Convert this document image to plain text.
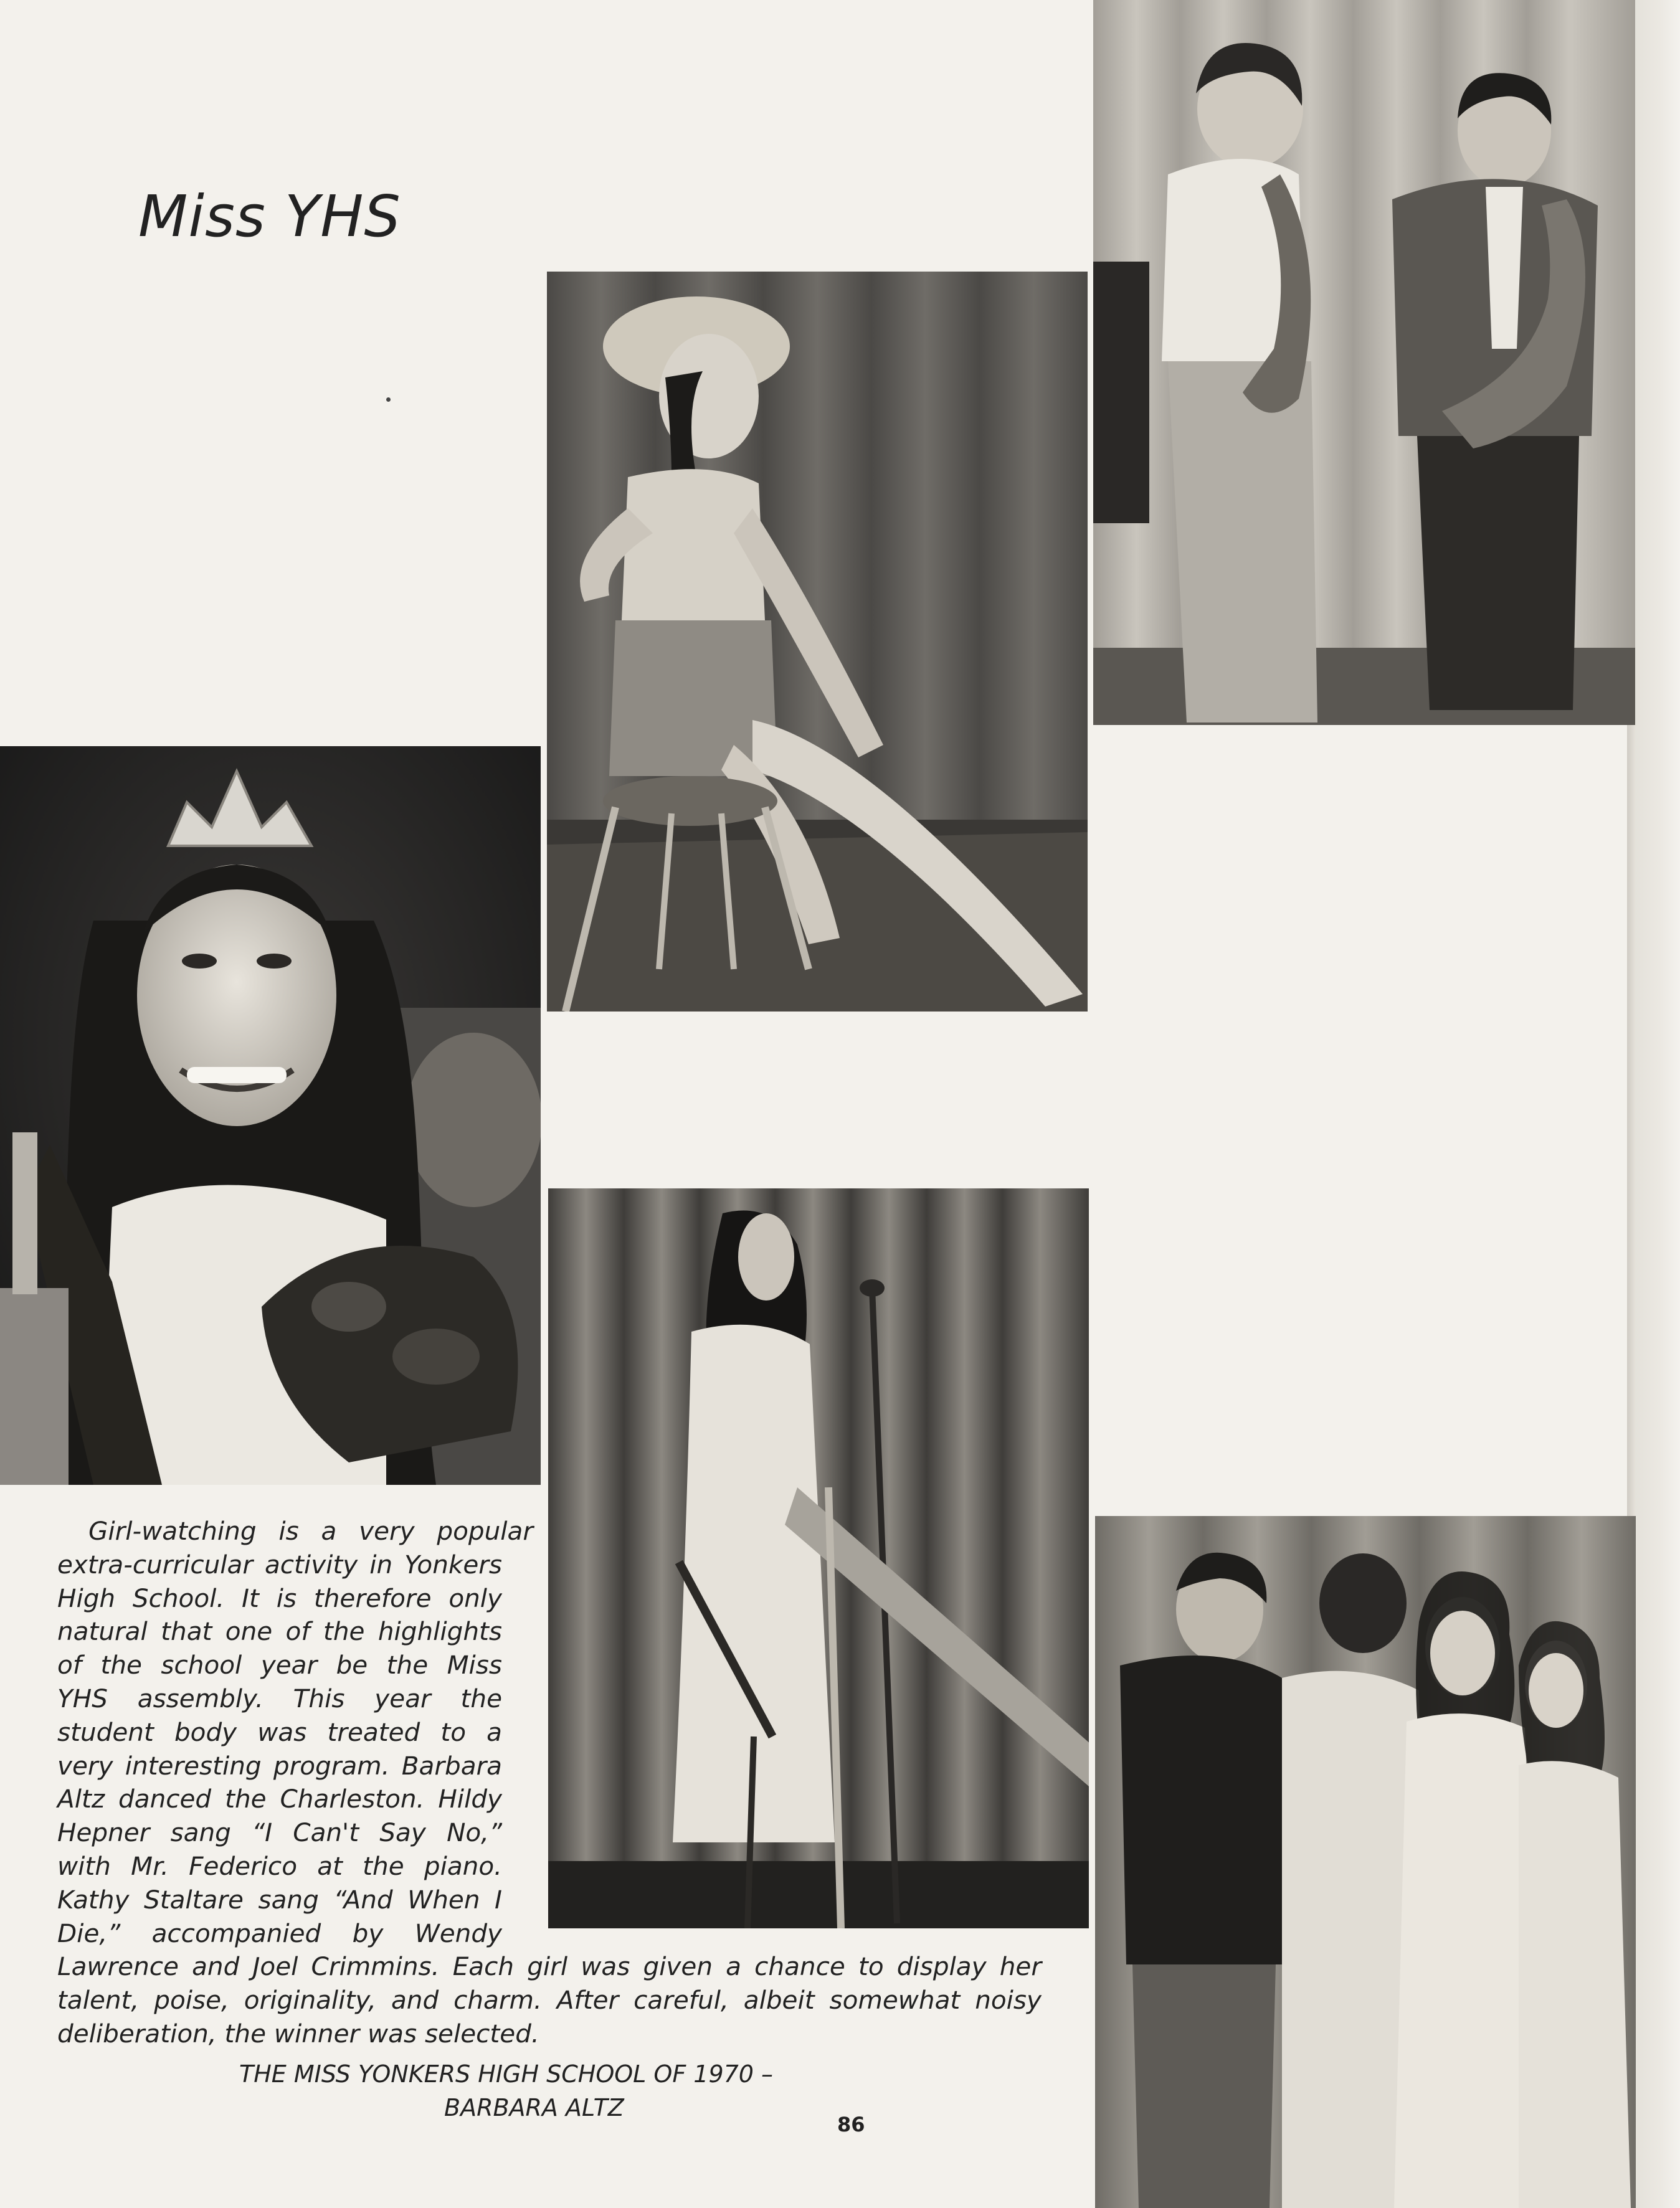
Miss YHS
Girl-watching is a very popular
extra-curricular activity in Yonkers
High School. It is therefore only
natural that one of the highlights
of the school year be the Miss
YHS assembly. This year the
student body was treated to a
very interesting program. Barbara
Altz danced the Charleston. Hildy
Hepner sang “I Can't Say No,”
with Mr. Federico at the piano.
Kathy Staltare sang “And When I
Die,” accompanied by Wendy
Lawrence and Joel Crimmins. Each girl was given a chance to display her
talent, poise, originality, and charm. After careful, albeit somewhat noisy
deliberation, the winner was selected.
THE MISS YONKERS HIGH SCHOOL OF 1970 –
BARBARA ALTZ
86
